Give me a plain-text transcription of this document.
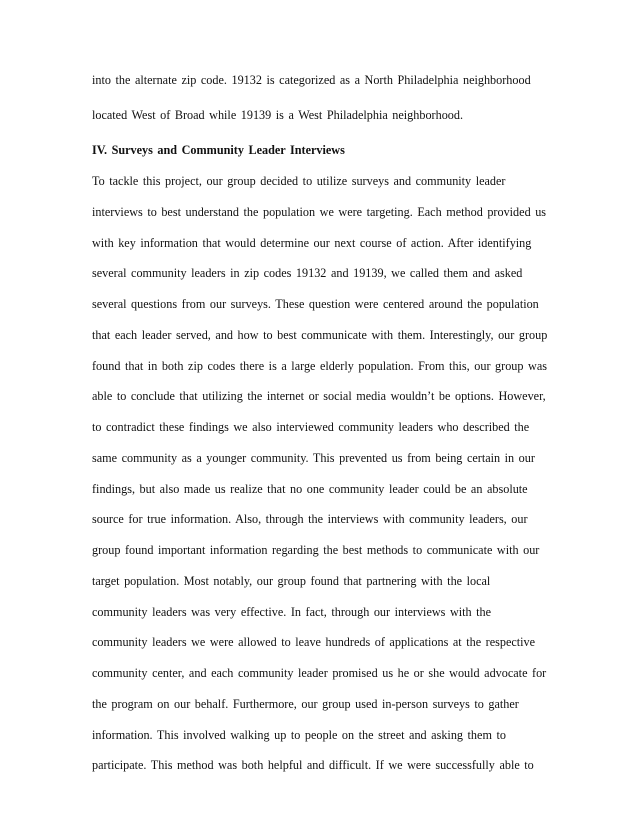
into the alternate zip code. 19132 is categorized as a North Philadelphia neighborhood

located West of Broad while 19139 is a West Philadelphia neighborhood.

IV. Surveys and Community Leader Interviews

To tackle this project, our group decided to utilize surveys and community leader

interviews to best understand the population we were targeting. Each method provided us

with key information that would determine our next course of action. After identifying

several community leaders in zip codes 19132 and 19139, we called them and asked

several questions from our surveys. These question were centered around the population

that each leader served, and how to best communicate with them. Interestingly, our group

found that in both zip codes there is a large elderly population. From this, our group was

able to conclude that utilizing the internet or social media wouldn’t be options. However,

to contradict these findings we also interviewed community leaders who described the

same community as a younger community. This prevented us from being certain in our

findings, but also made us realize that no one community leader could be an absolute

source for true information. Also, through the interviews with community leaders, our

group found important information regarding the best methods to communicate with our

target population. Most notably, our group found that partnering with the local

community leaders was very effective. In fact, through our interviews with the

community leaders we were allowed to leave hundreds of applications at the respective

community center, and each community leader promised us he or she would advocate for

the program on our behalf. Furthermore, our group used in-person surveys to gather

information. This involved walking up to people on the street and asking them to

participate. This method was both helpful and difficult. If we were successfully able to
